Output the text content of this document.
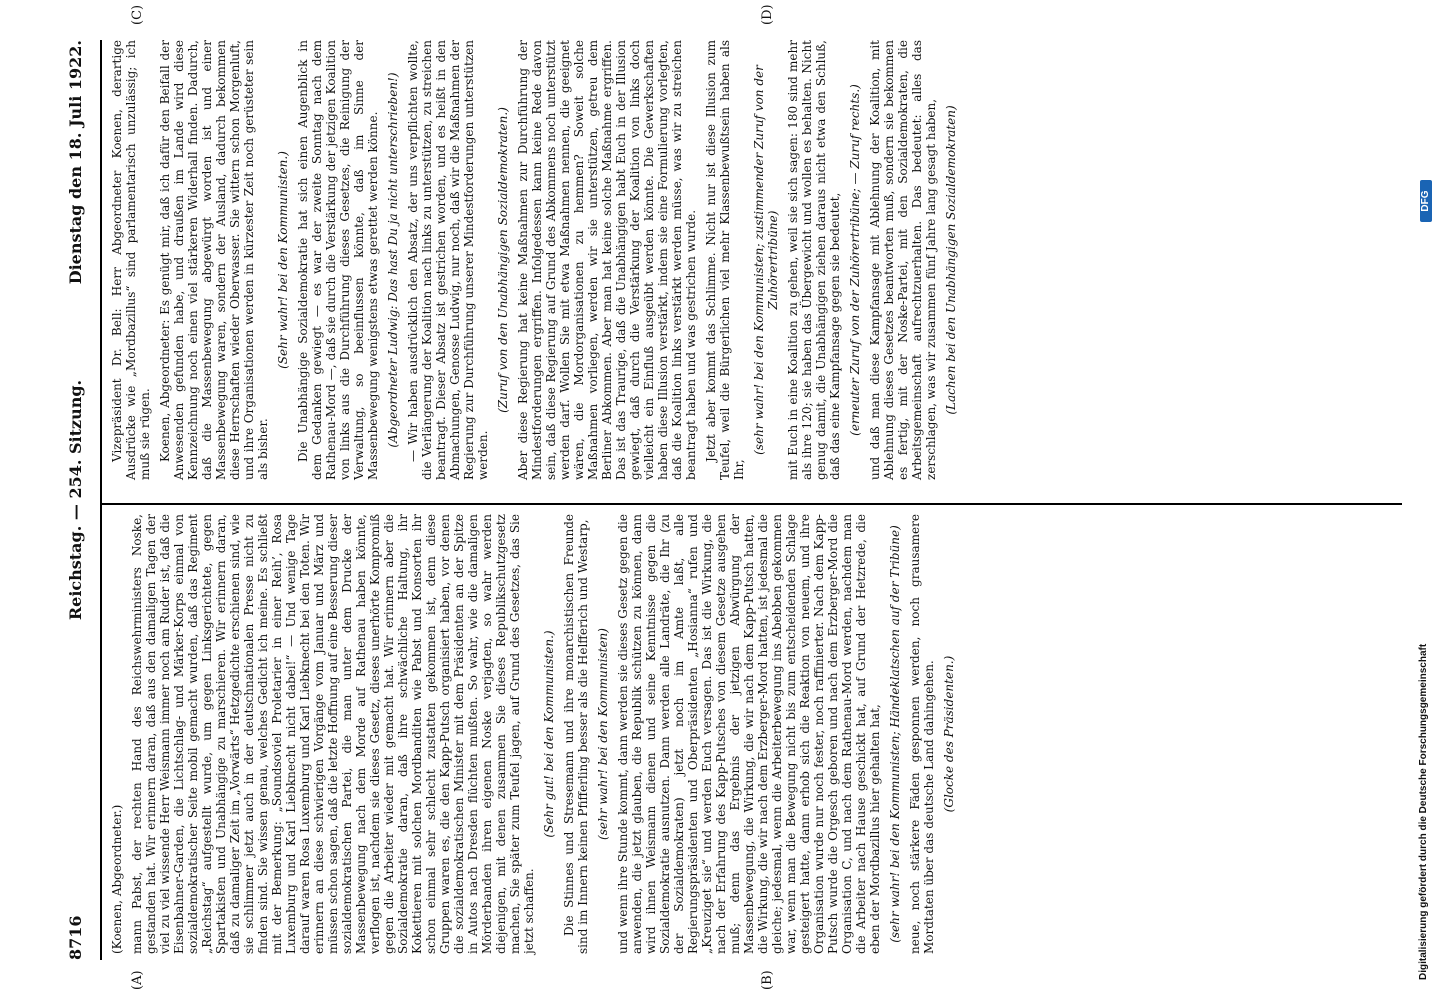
8716
Reichstag. — 254. Sitzung.
Dienstag den 18. Juli 1922.
(A)	(B)
(C)	(D)

(Koenen, Abgeordneter.) mann Pabst, der rechten Hand des Reichswehrministers Noske, gestanden hat. Wir erinnern daran, daß aus den damaligen Tagen der viel zu viel wissende Herr Weismann immer noch am Ruder ist, daß die Eisenbahner-Garden, die Lichtschlag- und Märker-Korps einmal von sozialdemokratischer Seite mobil gemacht wurden, daß das Regiment „Reichstag“ aufgestellt wurde, um gegen Linksgerichtete, gegen Spartakisten und Unabhängige zu marschieren. Wir erinnern daran, daß zu damaliger Zeit im „Vorwärts“ Hetzgedichte erschienen sind, wie sie schlimmer jetzt auch in der deutschnationalen Presse nicht zu finden sind. Sie wissen genau, welches Gedicht ich meine. Es schließt mit der Bemerkung: „Soundsoviel Proletarier in einer Reih’, Rosa Luxemburg und Karl Liebknecht nicht dabei!“ — Und wenige Tage darauf waren Rosa Luxemburg und Karl Liebknecht bei den Toten. Wir erinnern an diese schwierigen Vorgänge vom Januar und März und müssen schon sagen, daß die letzte Hoffnung auf eine Besserung dieser sozialdemokratischen Partei, die man unter dem Drucke der Massenbewegung nach dem Morde auf Rathenau haben könnte, verflogen ist, nachdem sie dieses Gesetz, dieses unerhörte Kompromiß gegen die Arbeiter wieder mit gemacht hat. Wir erinnern aber die Sozialdemokratie daran, daß ihre schwächliche Haltung, ihr Kokettieren mit solchen Mordbanditen wie Pabst und Konsorten ihr schon einmal sehr schlecht zustatten gekommen ist, denn diese Gruppen waren es, die den Kapp-Putsch organisiert haben, vor denen die sozialdemokratischen Minister mit dem Präsidenten an der Spitze in Autos nach Dresden flüchten mußten. So wahr, wie die damaligen Mörderbanden ihren eigenen Noske verjagten, so wahr werden diejenigen, mit denen zusammen Sie dieses Republikschutzgesetz machen, Sie später zum Teufel jagen, auf Grund des Gesetzes, das Sie jetzt schaffen.

(Sehr gut! bei den Kommunisten.) Die Stinnes und Stresemann und ihre monarchistischen Freunde sind im Innern keinen Pfifferling besser als die Helfferich und Westarp, (sehr wahr! bei den Kommunisten) und wenn ihre Stunde kommt, dann werden sie dieses Gesetz gegen die anwenden, die jetzt glauben, die Republik schützen zu können, dann wird ihnen Weismann dienen und seine Kenntnisse gegen die Sozialdemokratie ausnutzen. Dann werden alle Landräte, die Ihr (zu der Sozialdemokraten) jetzt noch im Amte laßt, alle Regierungspräsidenten und Oberpräsidenten „Hosianna“ rufen und „Kreuziget sie“ und werden Euch versagen. Das ist die Wirkung, die nach der Erfahrung des Kapp-Putsches von diesem Gesetze ausgehen muß; denn das Ergebnis der jetzigen Abwürgung der Massenbewegung, die Wirkung, die wir nach dem Kapp-Putsch hatten, die Wirkung, die wir nach dem Erzberger-Mord hatten, ist jedesmal die gleiche; jedesmal, wenn die Arbeiterbewegung ins Abebben gekommen war, wenn man die Bewegung nicht bis zum entscheidenden Schlage gesteigert hatte, dann erhob sich die Reaktion von neuem, und ihre Organisation wurde nur noch fester, noch raffinierter. Nach dem Kapp-Putsch wurde die Orgesch geboren und nach dem Erzberger-Mord die Organisation C, und nach dem Rathenau-Mord werden, nachdem man die Arbeiter nach Hause geschickt hat, auf Grund der Hetzrede, die eben der Mordbazillus hier gehalten hat, (sehr wahr! bei den Kommunisten; Händeklatschen auf der Tribüne) neue, noch stärkere Fäden gesponnen werden, noch grausamere Mordtaten über das deutsche Land dahingehen. (Glocke des Präsidenten.)

Vizepräsident Dr. Bell: Herr Abgeordneter Koenen, derartige Ausdrücke wie „Mordbazillus“ sind parlamentarisch unzulässig; ich muß sie rügen. Koenen, Abgeordneter: Es genügt mir, daß ich dafür den Beifall der Anwesenden gefunden habe, und draußen im Lande wird diese Kennzeichnung noch einen viel stärkeren Widerhall finden. Dadurch, daß die Massenbewegung abgewürgt worden ist und einer Massenbewegung waren, sondern der Ausland, dadurch bekommen diese Herrschaften wieder Oberwasser. Sie wittern schon Morgenluft, und ihre Organisationen werden in kürzester Zeit noch gerüsteter sein als bisher.

(Sehr wahr! bei den Kommunisten.) Die Unabhängige Sozialdemokratie hat sich einen Augenblick in dem Gedanken gewiegt — es war der zweite Sonntag nach dem Rathenau-Mord —, daß sie durch die Verstärkung der jetzigen Koalition von links aus die Durchführung dieses Gesetzes, die Reinigung der Verwaltung, so beeinflussen könnte, daß im Sinne der Massenbewegung wenigstens etwas gerettet werden könne. (Abgeordneter Ludwig: Das hast Du ja nicht unterschrieben!) — Wir haben ausdrücklich den Absatz, der uns verpflichten wollte, die Verlängerung der Koalition nach links zu unterstützen, zu streichen beantragt. Dieser Absatz ist gestrichen worden, und es heißt in den Abmachungen, Genosse Ludwig, nur noch, daß wir die Maßnahmen der Regierung zur Durchführung unserer Mindestforderungen unterstützen werden.

(Zuruf von den Unabhängigen Sozialdemokraten.) Aber diese Regierung hat keine Maßnahmen zur Durchführung der Mindestforderungen ergriffen. Infolgedessen kann keine Rede davon sein, daß diese Regierung auf Grund des Abkommens noch unterstützt werden darf. Wollen Sie mit etwa Maßnahmen nennen, die geeignet wären, die Mordorganisationen zu hemmen? Soweit solche Maßnahmen vorliegen, werden wir sie unterstützen, getreu dem Berliner Abkommen. Aber man hat keine solche Maßnahme ergriffen. Das ist das Traurige, daß die Unabhängigen habt Euch in der Illusion gewiegt, daß durch die Verstärkung der Koalition von links doch vielleicht ein Einfluß ausgeübt werden könnte. Die Gewerkschaften haben diese Illusion verstärkt, indem sie eine Formulierung vorlegten, daß die Koalition links verstärkt werden müsse, was wir zu streichen beantragt haben und was gestrichen wurde. Jetzt aber kommt das Schlimme. Nicht nur ist diese Illusion zum Teufel, weil die Bürgerlichen viel mehr Klassenbewußtsein haben als Ihr,

(sehr wahr! bei den Kommunisten; zustimmender Zuruf von der Zuhörertribüne) mit Euch in eine Koalition zu gehen, weil sie sich sagen: 180 sind mehr als ihre 120; sie haben das Übergewicht und wollen es behalten. Nicht genug damit, die Unabhängigen ziehen daraus nicht etwa den Schluß, daß das eine Kampfansage gegen sie bedeutet, (erneuter Zuruf von der Zuhörertribüne; — Zuruf rechts.) und daß man diese Kampfansage mit Ablehnung der Koalition, mit Ablehnung dieses Gesetzes beantworten muß, sondern sie bekommen es fertig, mit der Noske-Partei, mit den Sozialdemokraten, die Arbeitsgemeinschaft aufrechtzuerhalten. Das bedeutet: alles das zerschlagen, was wir zusammen fünf Jahre lang gesagt haben, (Lachen bei den Unabhängigen Sozialdemokraten)

Digitalisierung gefördert durch die Deutsche Forschungsgemeinschaft
DFG
